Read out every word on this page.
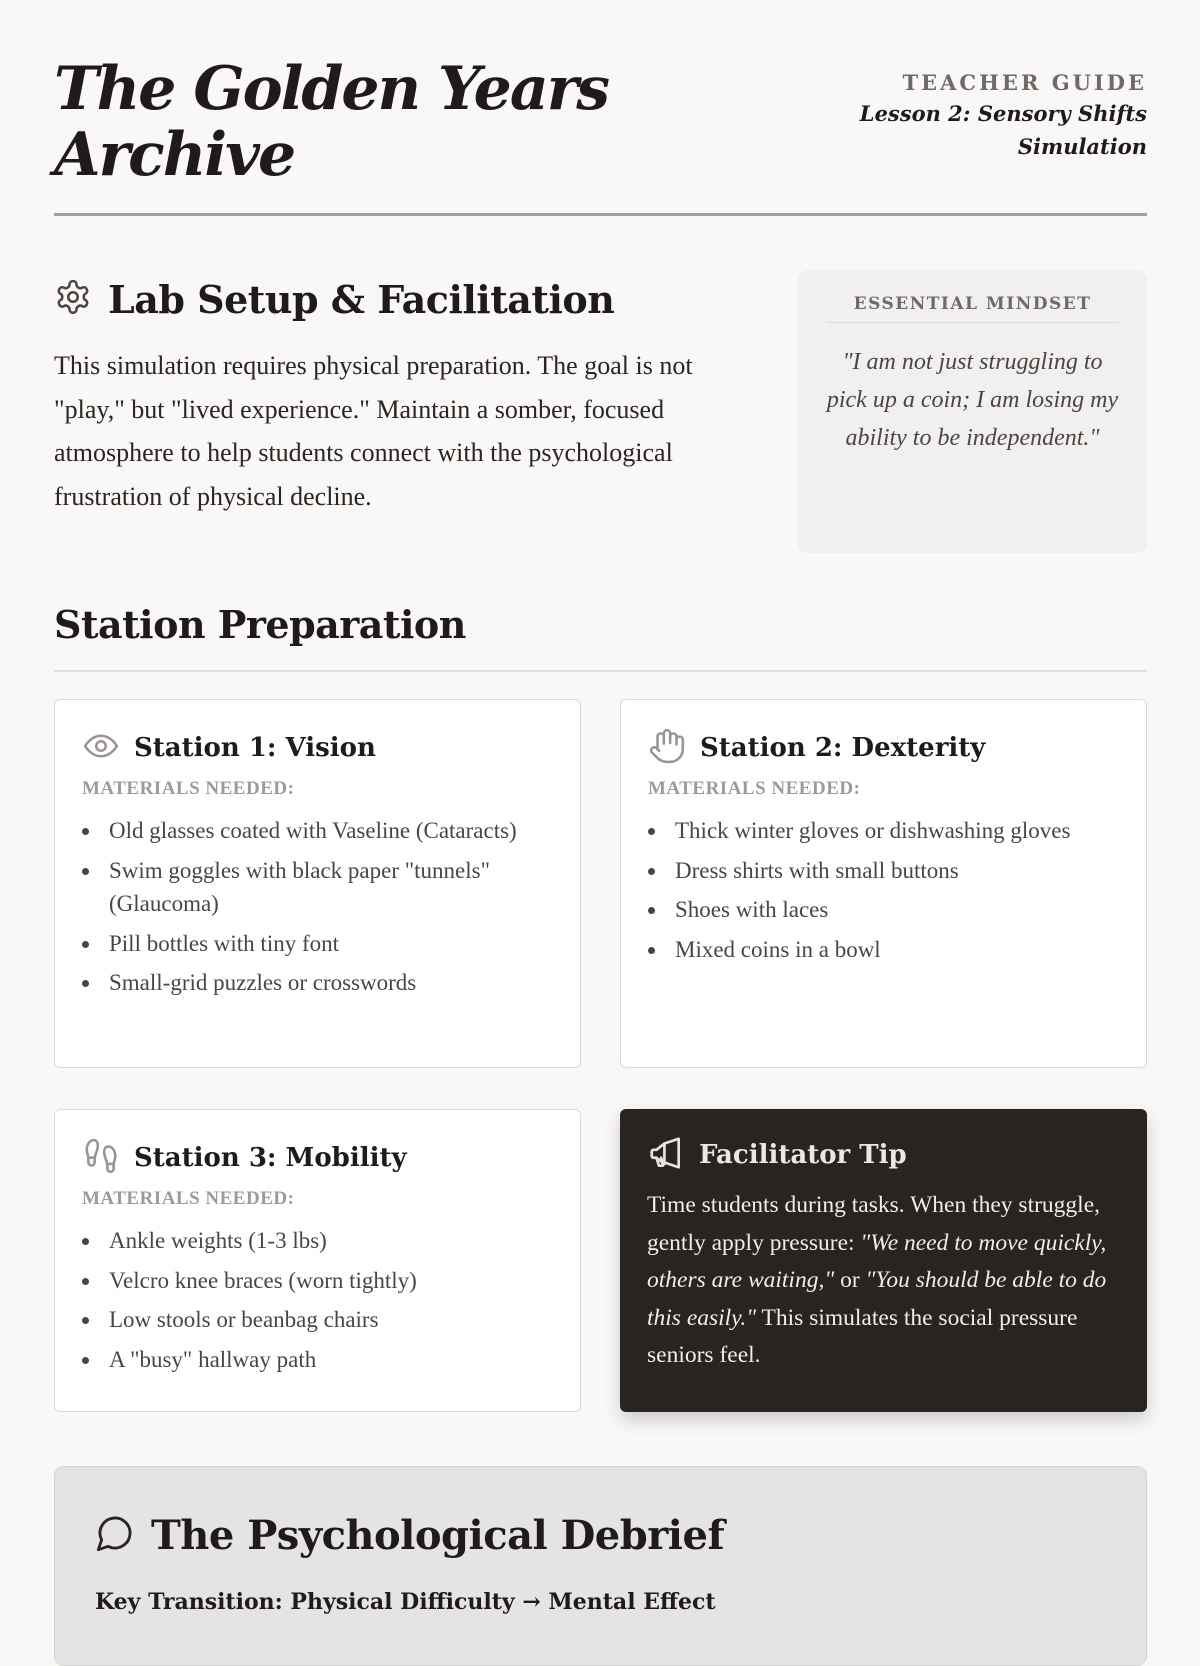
The Golden Years Archive
TEACHER GUIDE
Lesson 2: Sensory Shifts Simulation
Lab Setup & Facilitation

This simulation requires physical preparation. The goal is not "play," but "lived experience." Maintain a somber, focused atmosphere to help students connect with the psychological frustration of physical decline.

ESSENTIAL MINDSET
"I am not just struggling to pick up a coin; I am losing my ability to be independent."
Station Preparation
Station 1: Vision
MATERIALS NEEDED:
Old glasses coated with Vaseline (Cataracts)
Swim goggles with black paper "tunnels" (Glaucoma)
Pill bottles with tiny font
Small-grid puzzles or crosswords
Station 2: Dexterity
MATERIALS NEEDED:
Thick winter gloves or dishwashing gloves
Dress shirts with small buttons
Shoes with laces
Mixed coins in a bowl
Station 3: Mobility
MATERIALS NEEDED:
Ankle weights (1-3 lbs)
Velcro knee braces (worn tightly)
Low stools or beanbag chairs
A "busy" hallway path
Facilitator Tip

Time students during tasks. When they struggle, gently apply pressure: "We need to move quickly, others are waiting," or "You should be able to do this easily." This simulates the social pressure seniors feel.

The Psychological Debrief
Key Transition: Physical Difficulty → Mental Effect
